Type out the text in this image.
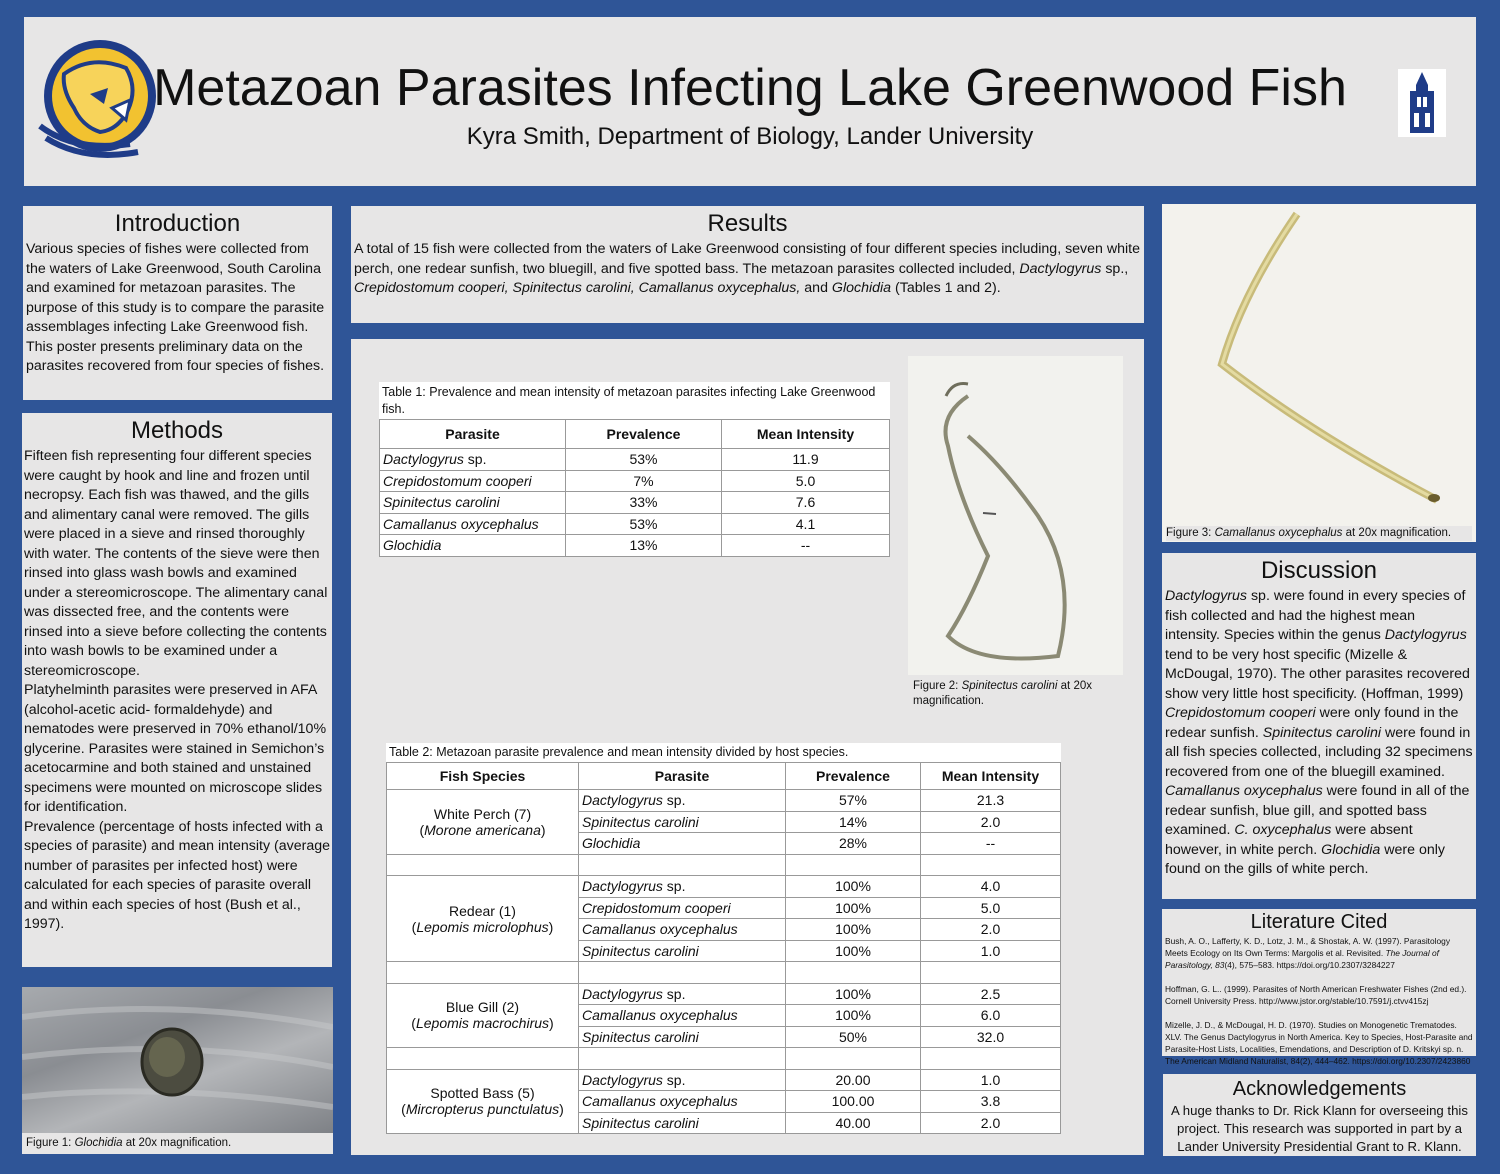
Metazoan Parasites Infecting Lake Greenwood Fish
Kyra Smith, Department of Biology, Lander University
Introduction
Various species of fishes were collected from the waters of Lake Greenwood, South Carolina and examined for metazoan parasites. The purpose of this study is to compare the parasite assemblages infecting Lake Greenwood fish. This poster presents preliminary data on the parasites recovered from four species of fishes.
Methods
Fifteen fish representing four different species were caught by hook and line and frozen until necropsy. Each fish was thawed, and the gills and alimentary canal were removed. The gills were placed in a sieve and rinsed thoroughly with water. The contents of the sieve were then rinsed into glass wash bowls and examined under a stereomicroscope. The alimentary canal was dissected free, and the contents were rinsed into a sieve before collecting the contents into wash bowls to be examined under a stereomicroscope.
Platyhelminth parasites were preserved in AFA (alcohol-acetic acid- formaldehyde) and nematodes were preserved in 70% ethanol/10% glycerine. Parasites were stained in Semichon’s acetocarmine and both stained and unstained specimens were mounted on microscope slides for identification.
Prevalence (percentage of hosts infected with a species of parasite) and mean intensity (average number of parasites per infected host) were calculated for each species of parasite overall and within each species of host (Bush et al., 1997).
Figure 1: Glochidia at 20x magnification.
Results
A total of 15 fish were collected from the waters of Lake Greenwood consisting of four different species including, seven white perch, one redear sunfish, two bluegill, and five spotted bass. The metazoan parasites collected included, Dactylogyrus sp., Crepidostomum cooperi, Spinitectus carolini, Camallanus oxycephalus, and Glochidia (Tables 1 and 2).
Table 1: Prevalence and mean intensity of metazoan parasites infecting Lake Greenwood fish.
Parasite	Prevalence	Mean Intensity
Dactylogyrus sp.	53%	11.9
Crepidostomum cooperi	7%	5.0
Spinitectus carolini	33%	7.6
Camallanus oxycephalus	53%	4.1
Glochidia	13%	--
Figure 2: Spinitectus carolini at 20x magnification.
Table 2: Metazoan parasite prevalence and mean intensity divided by host species.
Fish Species	Parasite	Prevalence	Mean Intensity

White Perch (7)
(Morone americana)	Dactylogyrus sp.	57%	21.3
	Spinitectus carolini	14%	2.0
	Glochidia	28%	--

Redear (1)
(Lepomis microlophus)	Dactylogyrus sp.	100%	4.0
	Crepidostomum cooperi	100%	5.0
	Camallanus oxycephalus	100%	2.0
	Spinitectus carolini	100%	1.0

Blue Gill (2)
(Lepomis macrochirus)	Dactylogyrus sp.	100%	2.5
	Camallanus oxycephalus	100%	6.0
	Spinitectus carolini	50%	32.0

Spotted Bass (5)
(Mircropterus punctulatus)	Dactylogyrus sp.	20.00	1.0
	Camallanus oxycephalus	100.00	3.8
	Spinitectus carolini	40.00	2.0
Figure 3: Camallanus oxycephalus at 20x magnification.
Discussion
Dactylogyrus sp. were found in every species of fish collected and had the highest mean intensity. Species within the genus Dactylogyrus tend to be very host specific (Mizelle & McDougal, 1970). The other parasites recovered show very little host specificity. (Hoffman, 1999) Crepidostomum cooperi were only found in the redear sunfish. Spinitectus carolini were found in all fish species collected, including 32 specimens recovered from one of the bluegill examined. Camallanus oxycephalus were found in all of the redear sunfish, blue gill, and spotted bass examined. C. oxycephalus were absent however, in white perch. Glochidia were only found on the gills of white perch.
Literature Cited

Bush, A. O., Lafferty, K. D., Lotz, J. M., & Shostak, A. W. (1997). Parasitology Meets Ecology on Its Own Terms: Margolis et al. Revisited. The Journal of Parasitology, 83(4), 575–583. https://doi.org/10.2307/3284227

Hoffman, G. L.. (1999). Parasites of North American Freshwater Fishes (2nd ed.). Cornell University Press. http://www.jstor.org/stable/10.7591/j.ctvv415zj

Mizelle, J. D., & McDougal, H. D. (1970). Studies on Monogenetic Trematodes. XLV. The Genus Dactylogyrus in North America. Key to Species, Host-Parasite and Parasite-Host Lists, Localities, Emendations, and Description of D. Kritskyi sp. n. The American Midland Naturalist, 84(2), 444–462. https://doi.org/10.2307/2423860

Acknowledgements
A huge thanks to Dr. Rick Klann for overseeing this project. This research was supported in part by a Lander University Presidential Grant to R. Klann.
